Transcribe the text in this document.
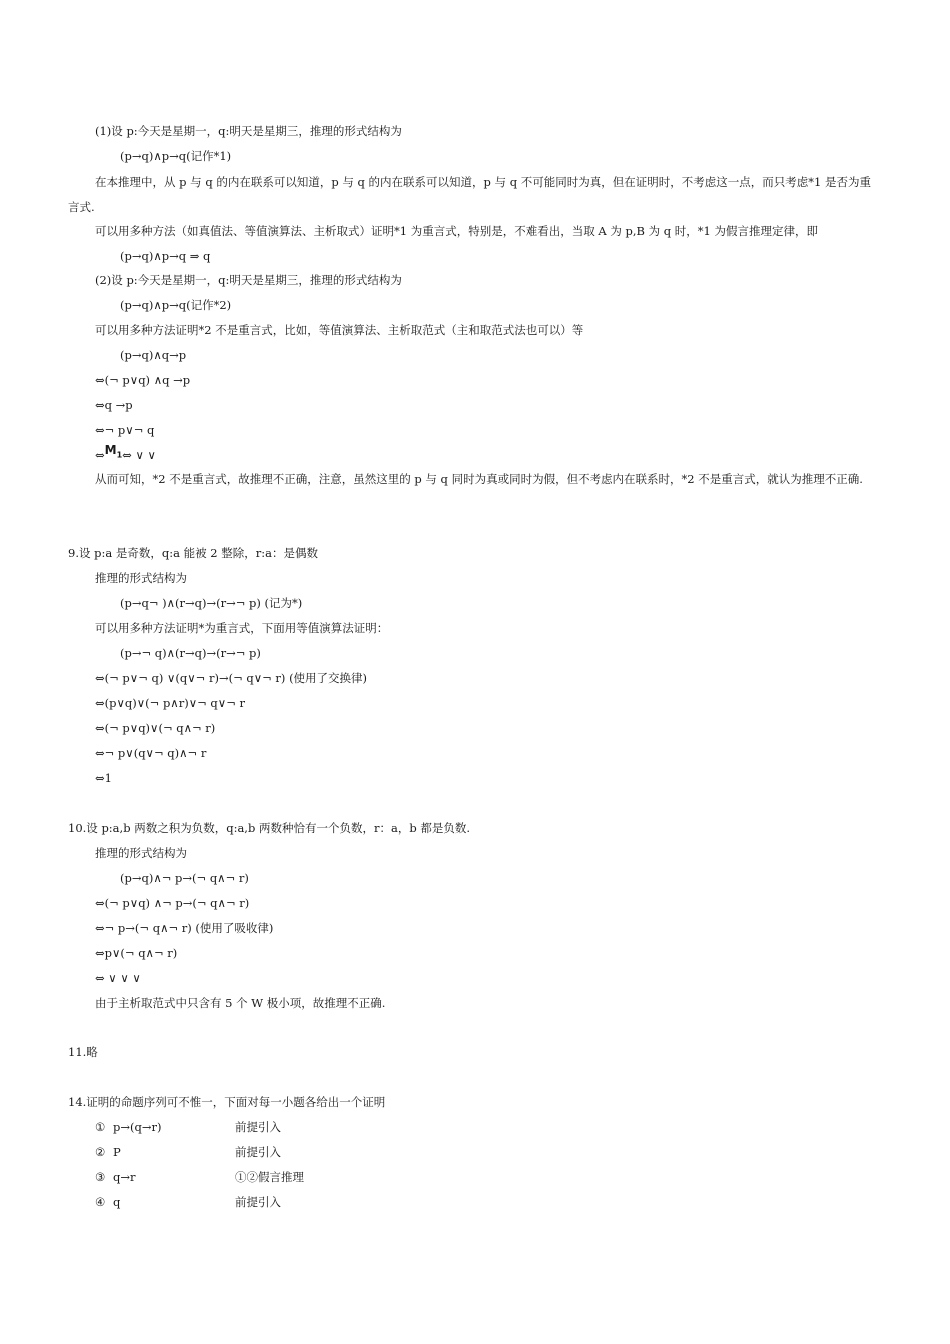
(1)设 p:今天是星期一，q:明天是星期三，推理的形式结构为
(p→q)∧p→q(记作*1)
在本推理中，从 p 与 q 的内在联系可以知道，p 与 q 的内在联系可以知道，p 与 q 不可能同时为真，但在证明时，不考虑这一点，而只考虑*1 是否为重言式.
可以用多种方法（如真值法、等值演算法、主析取式）证明*1 为重言式，特别是，不难看出，当取 A 为 p,B 为 q 时，*1 为假言推理定律，即
(p→q)∧p→q ⇒ q
(2)设 p:今天是星期一，q:明天是星期三，推理的形式结构为
(p→q)∧p→q(记作*2)
可以用多种方法证明*2 不是重言式，比如，等值演算法、主析取范式（主和取范式法也可以）等
(p→q)∧q→p
⇔(¬ p∨q) ∧q →p
⇔q →p
⇔¬ p∨¬ q
$\Leftrightarrow M_1\Leftrightarrow$ ∨ ∨
从而可知，*2 不是重言式，故推理不正确，注意，虽然这里的 p 与 q 同时为真或同时为假，但不考虑内在联系时，*2 不是重言式，就认为推理不正确.
9.设 p:a 是奇数，q:a 能被 2 整除，r:a：是偶数
推理的形式结构为
(p→q¬ )∧(r→q)→(r→¬ p) (记为*)
可以用多种方法证明*为重言式，下面用等值演算法证明：
(p→¬ q)∧(r→q)→(r→¬ p)
⇔(¬ p∨¬ q) ∨(q∨¬ r)→(¬ q∨¬ r) (使用了交换律)
⇔(p∨q)∨(¬ p∧r)∨¬ q∨¬ r
⇔(¬ p∨q)∨(¬ q∧¬ r)
⇔¬ p∨(q∨¬ q)∧¬ r
⇔1
10.设 p:a,b 两数之积为负数，q:a,b 两数种恰有一个负数，r：a，b 都是负数.
推理的形式结构为
(p→q)∧¬ p→(¬ q∧¬ r)
⇔(¬ p∨q) ∧¬ p→(¬ q∧¬ r)
⇔¬ p→(¬ q∧¬ r) (使用了吸收律)
⇔p∨(¬ q∧¬ r)
⇔ ∨ ∨ ∨
由于主析取范式中只含有 5 个 W 极小项，故推理不正确.
11.略
14.证明的命题序列可不惟一，下面对每一小题各给出一个证明
① p→(q→r)	前提引入
② P	前提引入
③ q→r	①②假言推理
④ q	前提引入
